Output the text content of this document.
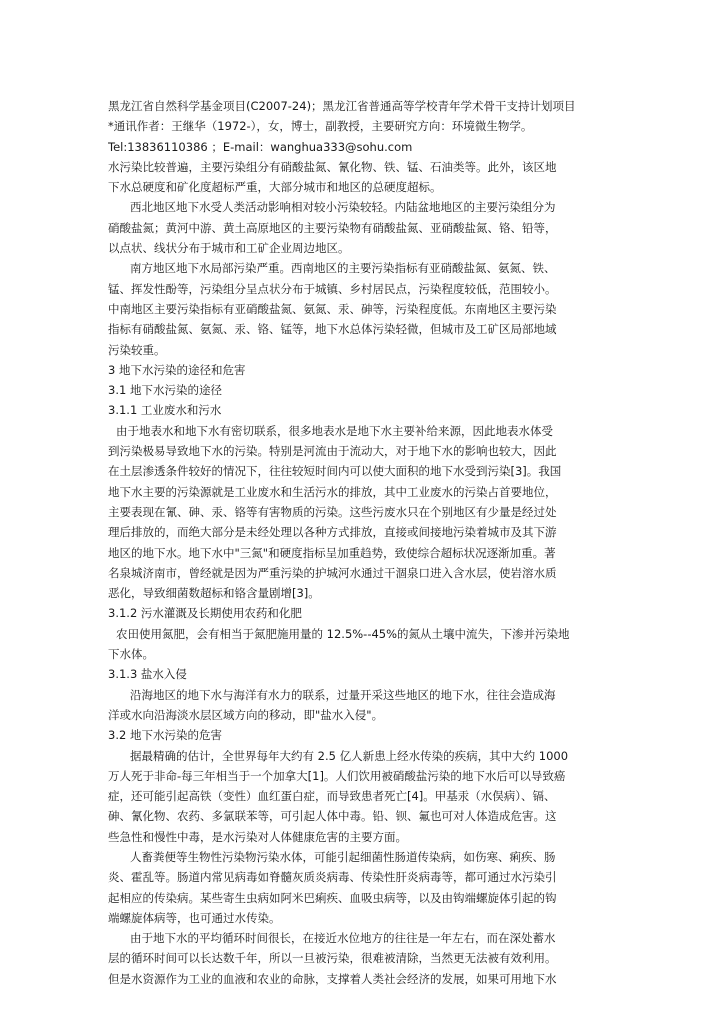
黑龙江省自然科学基金项目(C2007-24)；黑龙江省普通高等学校青年学术骨干支持计划项目
*通讯作者：王继华（1972-），女，博士，副教授，主要研究方向：环境微生物学。
Tel:13836110386 ；E-mail：wanghua333@sohu.com
水污染比较普遍，主要污染组分有硝酸盐氮、氰化物、铁、锰、石油类等。此外，该区地
下水总硬度和矿化度超标严重，大部分城市和地区的总硬度超标。
西北地区地下水受人类活动影响相对较小污染较轻。内陆盆地地区的主要污染组分为
硝酸盐氮；黄河中游、黄土高原地区的主要污染物有硝酸盐氮、亚硝酸盐氮、铬、铅等，
以点状、线状分布于城市和工矿企业周边地区。
南方地区地下水局部污染严重。西南地区的主要污染指标有亚硝酸盐氮、氨氮、铁、
锰、挥发性酚等，污染组分呈点状分布于城镇、乡村居民点，污染程度较低，范围较小。
中南地区主要污染指标有亚硝酸盐氮、氨氮、汞、砷等，污染程度低。东南地区主要污染
指标有硝酸盐氮、氨氮、汞、铬、锰等，地下水总体污染轻微，但城市及工矿区局部地域
污染较重。
3 地下水污染的途径和危害
3.1 地下水污染的途径
3.1.1 工业废水和污水
由于地表水和地下水有密切联系，很多地表水是地下水主要补给来源，因此地表水体受
到污染极易导致地下水的污染。特别是河流由于流动大，对于地下水的影响也较大，因此
在土层渗透条件较好的情况下，往往较短时间内可以使大面积的地下水受到污染[3]。我国
地下水主要的污染源就是工业废水和生活污水的排放，其中工业废水的污染占首要地位，
主要表现在氰、砷、汞、铬等有害物质的污染。这些污废水只在个别地区有少量是经过处
理后排放的，而绝大部分是未经处理以各种方式排放，直接或间接地污染着城市及其下游
地区的地下水。地下水中"三氮"和硬度指标呈加重趋势，致使综合超标状况逐渐加重。著
名泉城济南市，曾经就是因为严重污染的护城河水通过干涸泉口进入含水层，使岩溶水质
恶化，导致细菌数超标和铬含量剧增[3]。
3.1.2 污水灌溉及长期使用农药和化肥
农田使用氮肥，会有相当于氮肥施用量的 12.5%--45%的氮从土壤中流失，下渗并污染地
下水体。
3.1.3 盐水入侵
沿海地区的地下水与海洋有水力的联系，过量开采这些地区的地下水，往往会造成海
洋或水向沿海淡水层区域方向的移动，即"盐水入侵"。
3.2 地下水污染的危害
据最精确的估计，全世界每年大约有 2.5 亿人新患上经水传染的疾病，其中大约 1000
万人死于非命-每三年相当于一个加拿大[1]。人们饮用被硝酸盐污染的地下水后可以导致癌
症，还可能引起高铁（变性）血红蛋白症，而导致患者死亡[4]。甲基汞（水俣病）、镉、
砷、氰化物、农药、多氯联苯等，可引起人体中毒。铅、钡、氟也可对人体造成危害。这
些急性和慢性中毒，是水污染对人体健康危害的主要方面。
人畜粪便等生物性污染物污染水体，可能引起细菌性肠道传染病，如伤寒、痢疾、肠
炎、霍乱等。肠道内常见病毒如脊髓灰质炎病毒、传染性肝炎病毒等，都可通过水污染引
起相应的传染病。某些寄生虫病如阿米巴痢疾、血吸虫病等，以及由钩端螺旋体引起的钩
端螺旋体病等，也可通过水传染。
由于地下水的平均循环时间很长，在接近水位地方的往往是一年左右，而在深处蓄水
层的循环时间可以长达数千年，所以一旦被污染，很难被清除，当然更无法被有效利用。
但是水资源作为工业的血液和农业的命脉，支撑着人类社会经济的发展，如果可用地下水
